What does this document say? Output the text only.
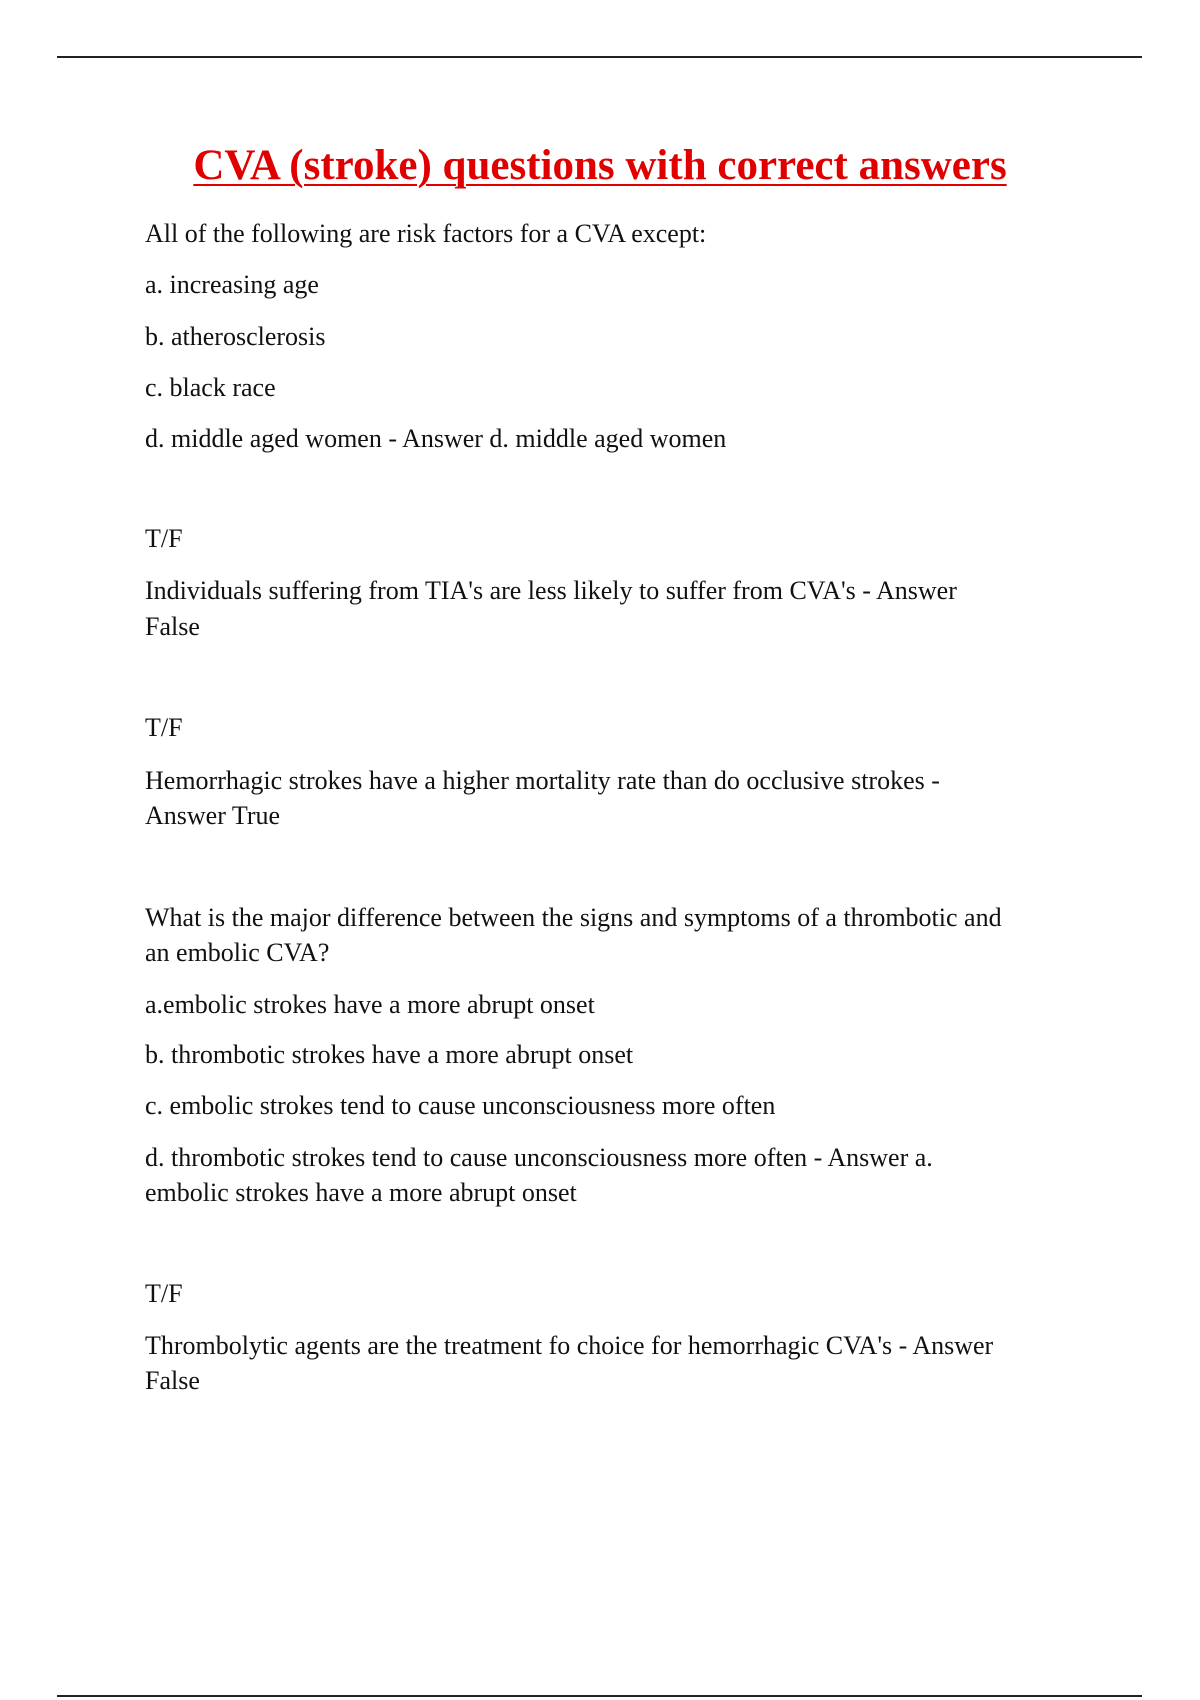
CVA (stroke) questions with correct answers
All of the following are risk factors for a CVA except:
a. increasing age
b. atherosclerosis
c. black race
d. middle aged women - Answer d. middle aged women
T/F
Individuals suffering from TIA's are less likely to suffer from CVA's - Answer
False
T/F
Hemorrhagic strokes have a higher mortality rate than do occlusive strokes -
Answer True
What is the major difference between the signs and symptoms of a thrombotic and
an embolic CVA?
a.embolic strokes have a more abrupt onset
b. thrombotic strokes have a more abrupt onset
c. embolic strokes tend to cause unconsciousness more often
d. thrombotic strokes tend to cause unconsciousness more often - Answer a.
embolic strokes have a more abrupt onset
T/F
Thrombolytic agents are the treatment fo choice for hemorrhagic CVA's - Answer
False
